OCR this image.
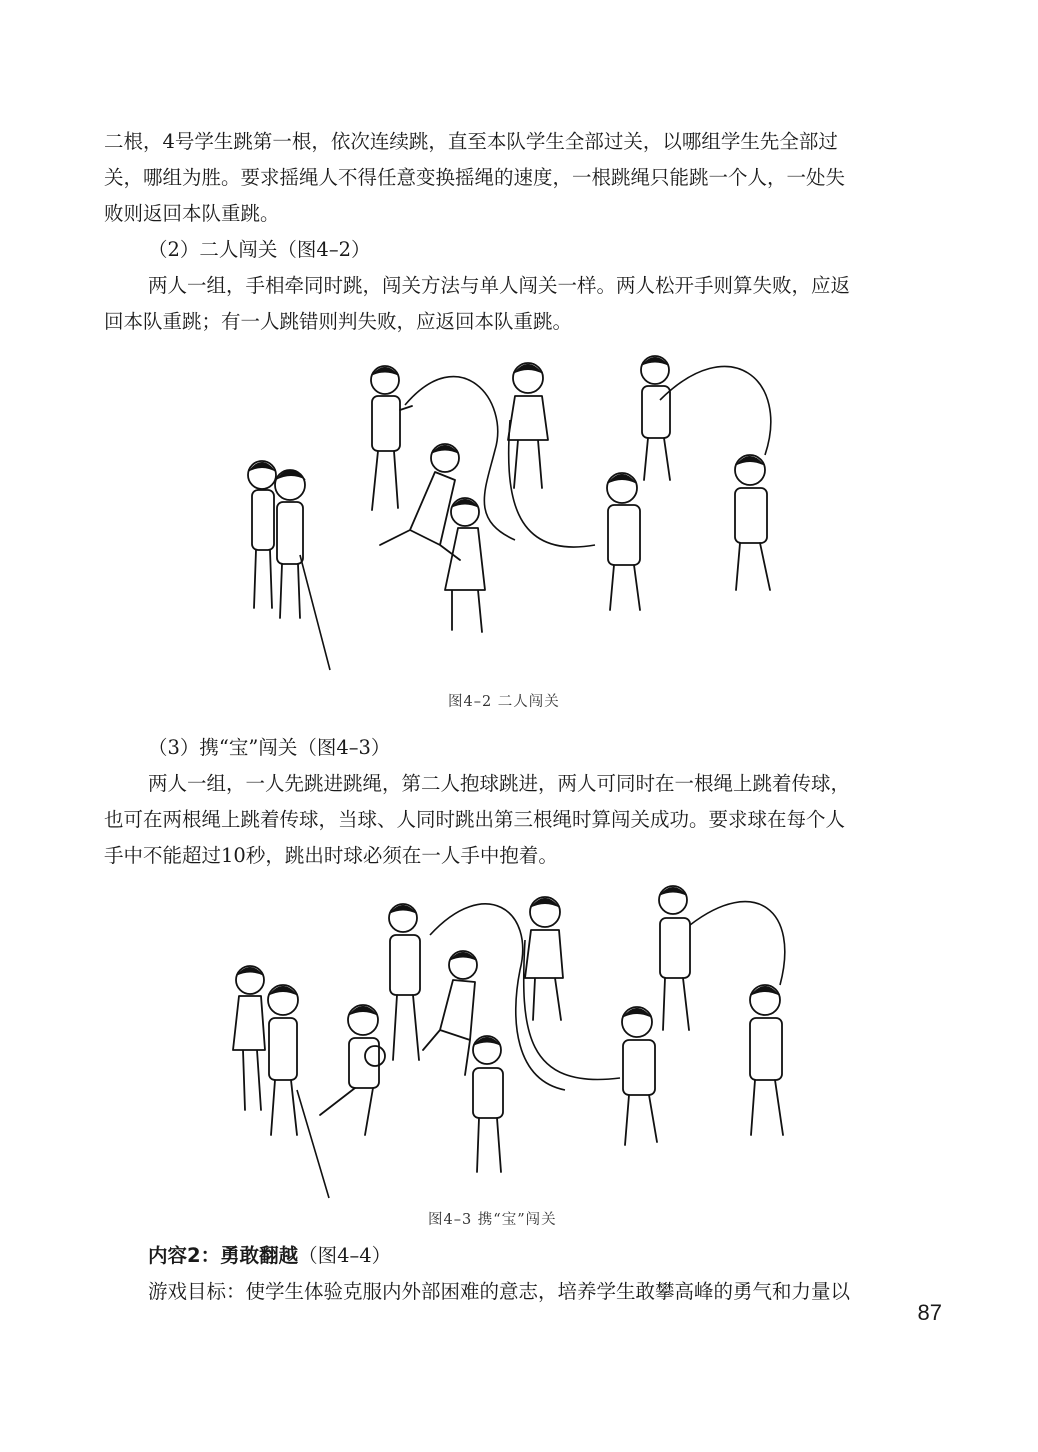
二根，4号学生跳第一根，依次连续跳，直至本队学生全部过关，以哪组学生先全部过
关，哪组为胜。要求摇绳人不得任意变换摇绳的速度，一根跳绳只能跳一个人，一处失
败则返回本队重跳。
（2）二人闯关（图4–2）
两人一组，手相牵同时跳，闯关方法与单人闯关一样。两人松开手则算失败，应返
回本队重跳；有一人跳错则判失败，应返回本队重跳。
图4–2 二人闯关
（3）携“宝”闯关（图4–3）
两人一组，一人先跳进跳绳，第二人抱球跳进，两人可同时在一根绳上跳着传球，
也可在两根绳上跳着传球，当球、人同时跳出第三根绳时算闯关成功。要求球在每个人
手中不能超过10秒，跳出时球必须在一人手中抱着。
图4–3 携“宝”闯关
内容2：勇敢翻越（图4–4）
游戏目标：使学生体验克服内外部困难的意志，培养学生敢攀高峰的勇气和力量以
87
